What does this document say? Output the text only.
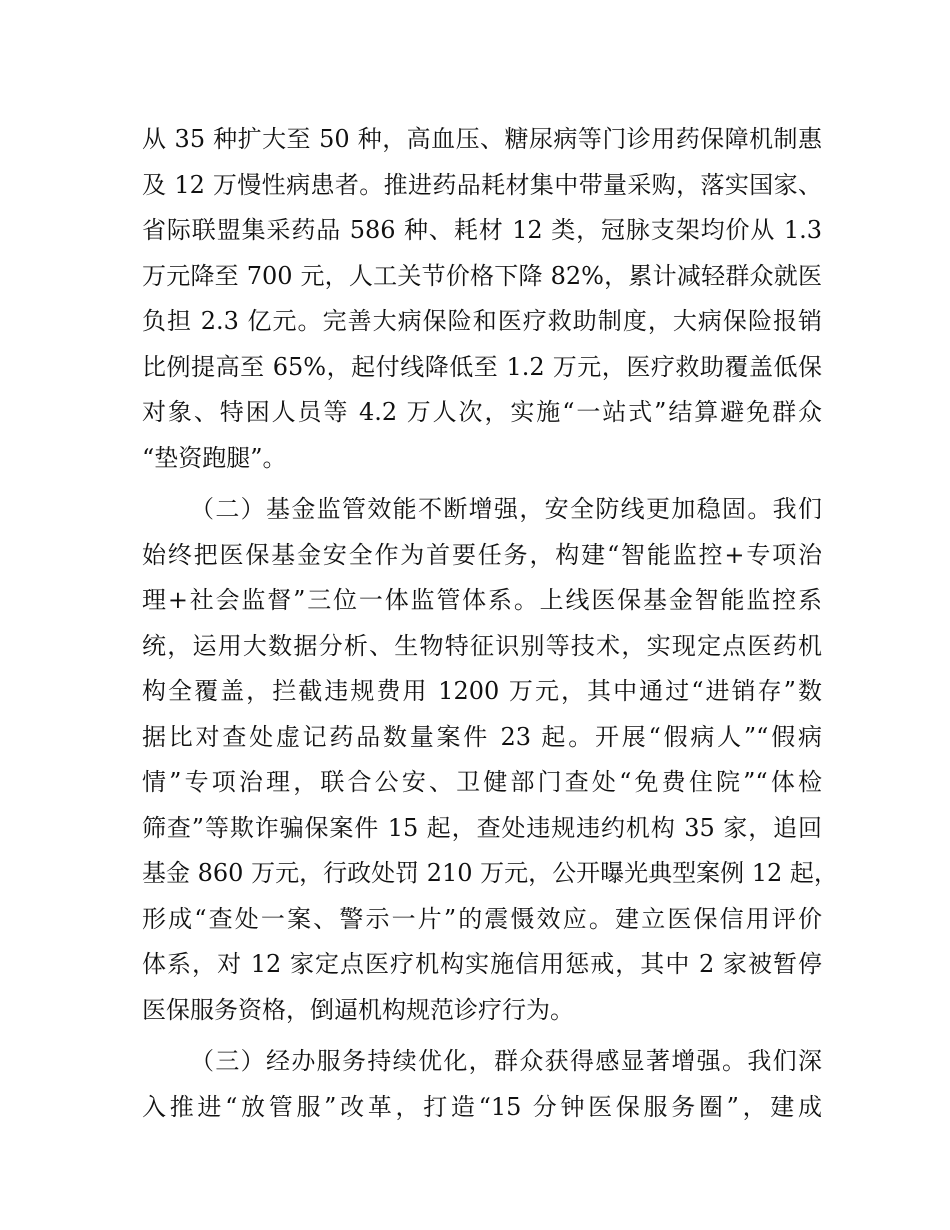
从 35 种扩大至 50 种，高血压、糖尿病等门诊用药保障机制惠
及 12 万慢性病患者。推进药品耗材集中带量采购，落实国家、
省际联盟集采药品 586 种、耗材 12 类，冠脉支架均价从 1.3
万元降至 700 元，人工关节价格下降 82%，累计减轻群众就医
负担 2.3 亿元。完善大病保险和医疗救助制度，大病保险报销
比例提高至 65%，起付线降低至 1.2 万元，医疗救助覆盖低保
对象、特困人员等 4.2 万人次，实施“一站式”结算避免群众
“垫资跑腿”。
（二）基金监管效能不断增强，安全防线更加稳固。我们
始终把医保基金安全作为首要任务，构建“智能监控+专项治
理+社会监督”三位一体监管体系。上线医保基金智能监控系
统，运用大数据分析、生物特征识别等技术，实现定点医药机
构全覆盖，拦截违规费用 1200 万元，其中通过“进销存”数
据比对查处虚记药品数量案件 23 起。开展“假病人”“假病
情”专项治理，联合公安、卫健部门查处“免费住院”“体检
筛查”等欺诈骗保案件 15 起，查处违规违约机构 35 家，追回
基金 860 万元，行政处罚 210 万元，公开曝光典型案例 12 起，
形成“查处一案、警示一片”的震慑效应。建立医保信用评价
体系，对 12 家定点医疗机构实施信用惩戒，其中 2 家被暂停
医保服务资格，倒逼机构规范诊疗行为。
（三）经办服务持续优化，群众获得感显著增强。我们深
入推进“放管服”改革，打造“15 分钟医保服务圈”，建成
